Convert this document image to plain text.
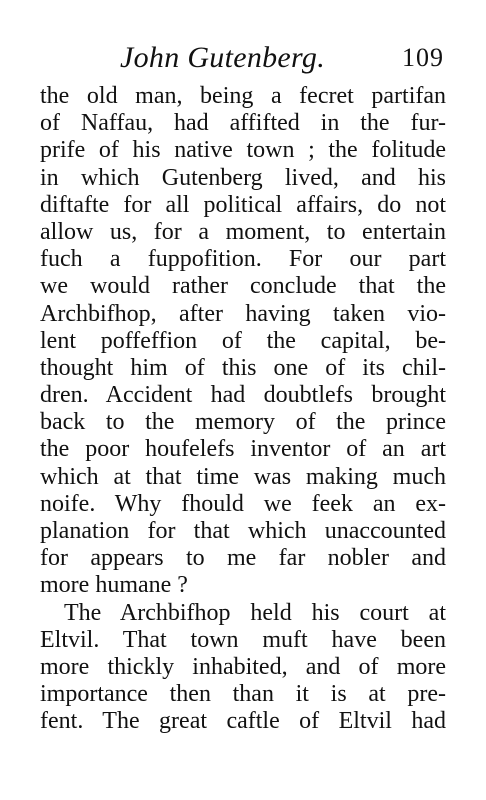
John Gutenberg.	109
the old man, being a fecret partifan
of Naffau, had affifted in the fur-
prife of his native town ; the folitude
in which Gutenberg lived, and his
diftafte for all political affairs, do not
allow us, for a moment, to entertain
fuch a fuppofition. For our part
we would rather conclude that the
Archbifhop, after having taken vio-
lent poffeffion of the capital, be-
thought him of this one of its chil-
dren. Accident had doubtlefs brought
back to the memory of the prince
the poor houfelefs inventor of an art
which at that time was making much
noife. Why fhould we feek an ex-
planation for that which unaccounted
for appears to me far nobler and
more humane ?
The Archbifhop held his court at
Eltvil. That town muft have been
more thickly inhabited, and of more
importance then than it is at pre-
fent. The great caftle of Eltvil had
